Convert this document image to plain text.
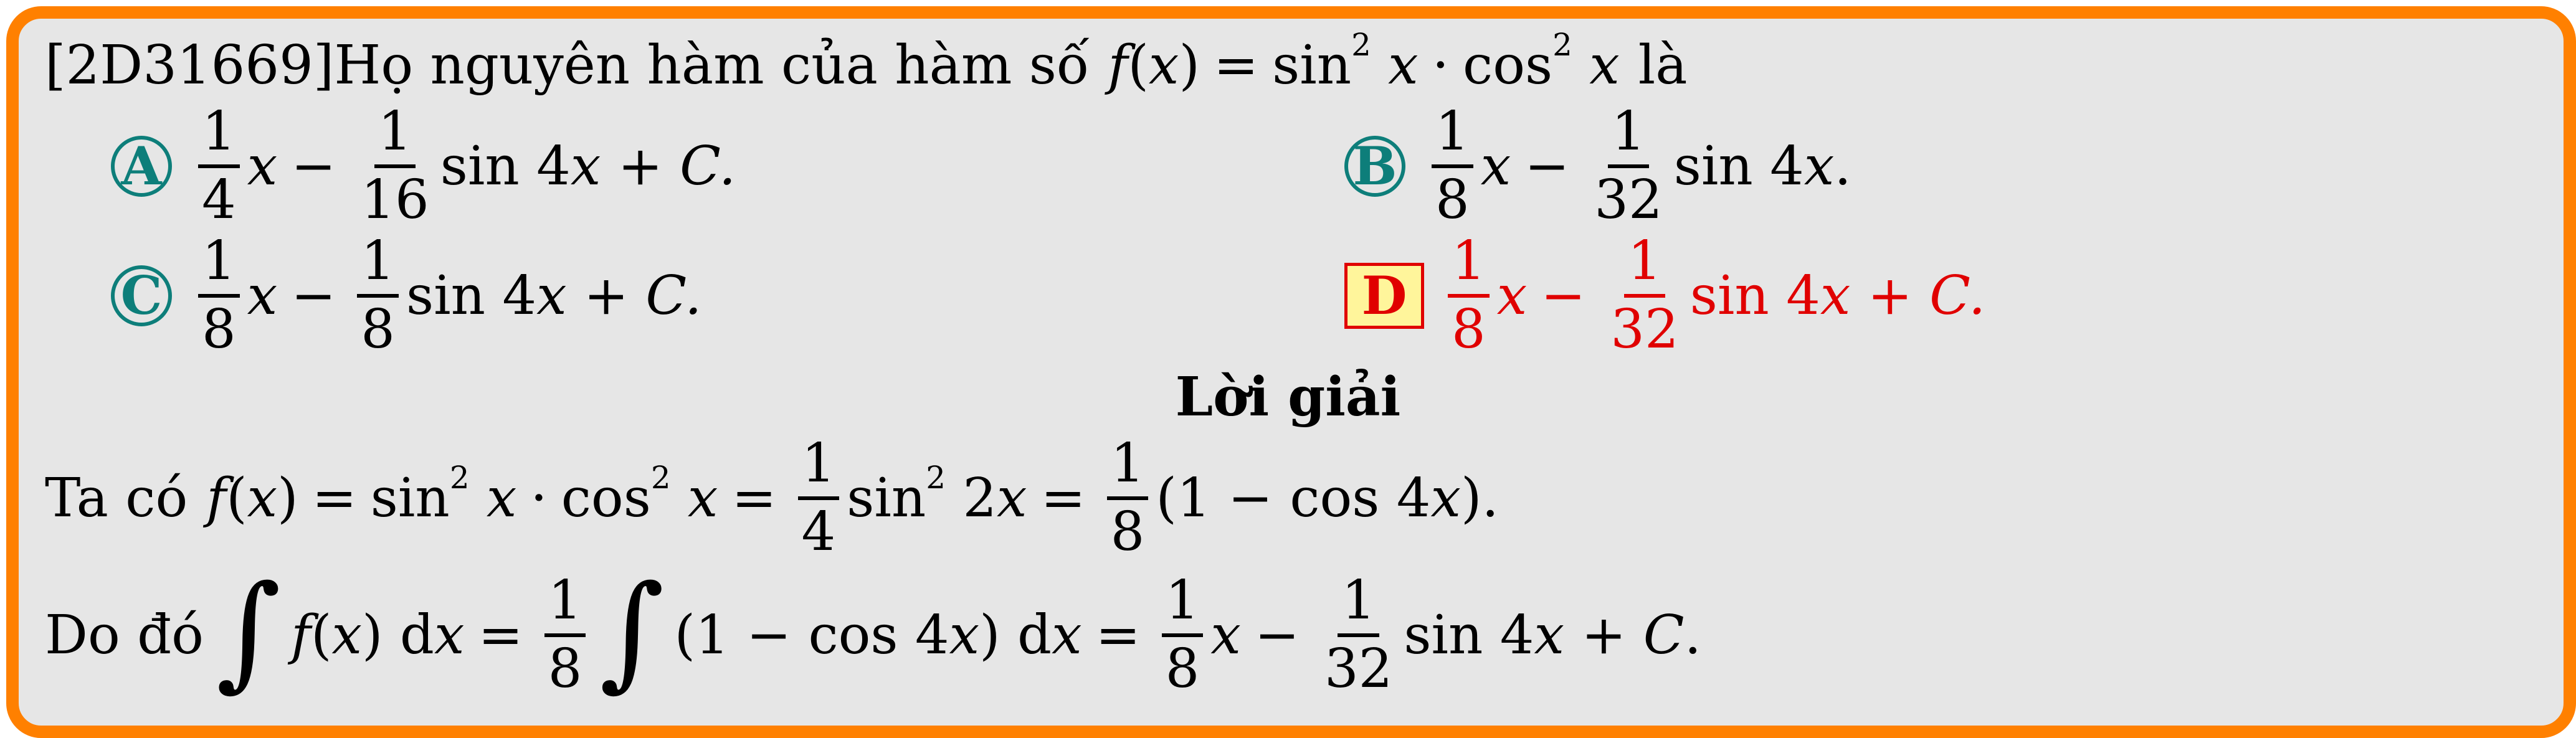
[2D31669] Họ nguyên hàm của hàm số $f(x) = \sin^2 x \cdot \cos^2 x$ là
A $\frac{1}{4}$ $x - \frac{1}{16}$ sin 4x + C.	B $\frac{1}{8}$ $x - \frac{1}{32}$ sin 4x .
C $\frac{1}{8}$ $x - \frac{1}{8}$ sin 4x + C.	D $\frac{1}{8}$ $x - \frac{1}{32}$ sin 4x + C.
Lời giải
Ta có $f(x) = \sin^2 x \cdot \cos^2 x = \frac{1}{4} \sin^2 2x = \frac{1}{8} (1 - \cos 4x)$.
Do đó ∫ f(x) dx = $\frac{1}{8}$ ∫ (1 − cos 4x) dx = $\frac{1}{8}$ $x - \frac{1}{32}$ sin 4x + C.
